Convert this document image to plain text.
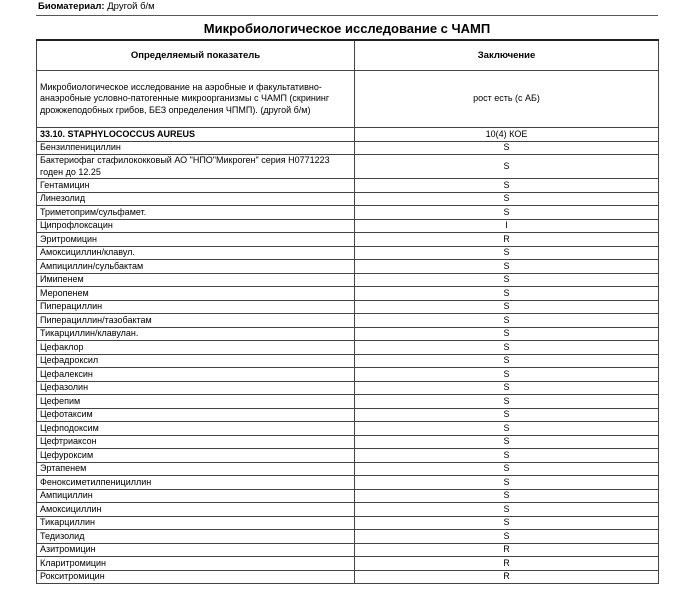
Биоматериал: Другой б/м
Микробиологическое исследование с ЧАМП
Определяемый показатель	Заключение
Микробиологическое исследование на аэробные и факультативно-анаэробные условно-патогенные микроорганизмы с ЧАМП (скрининг дрожжеподобных грибов, БЕЗ определения ЧПМП). (другой б/м)	рост есть (с АБ)
33.10. STAPHYLOCOCCUS AUREUS	10(4) КОЕ
Бензилпенициллин	S
Бактериофаг стафилококковый АО "НПО"Микроген" серия Н0771223 годен до 12.25	S
Гентамицин	S
Линезолид	S
Триметоприм/сульфамет.	S
Ципрофлоксацин	I
Эритромицин	R
Амоксициллин/клавул.	S
Ампициллин/сульбактам	S
Имипенем	S
Меропенем	S
Пиперациллин	S
Пиперациллин/тазобактам	S
Тикарциллин/клавулан.	S
Цефаклор	S
Цефадроксил	S
Цефалексин	S
Цефазолин	S
Цефепим	S
Цефотаксим	S
Цефподоксим	S
Цефтриаксон	S
Цефуроксим	S
Эртапенем	S
Феноксиметилпенициллин	S
Ампициллин	S
Амоксициллин	S
Тикарциллин	S
Тедизолид	S
Азитромицин	R
Кларитромицин	R
Рокситромицин	R
